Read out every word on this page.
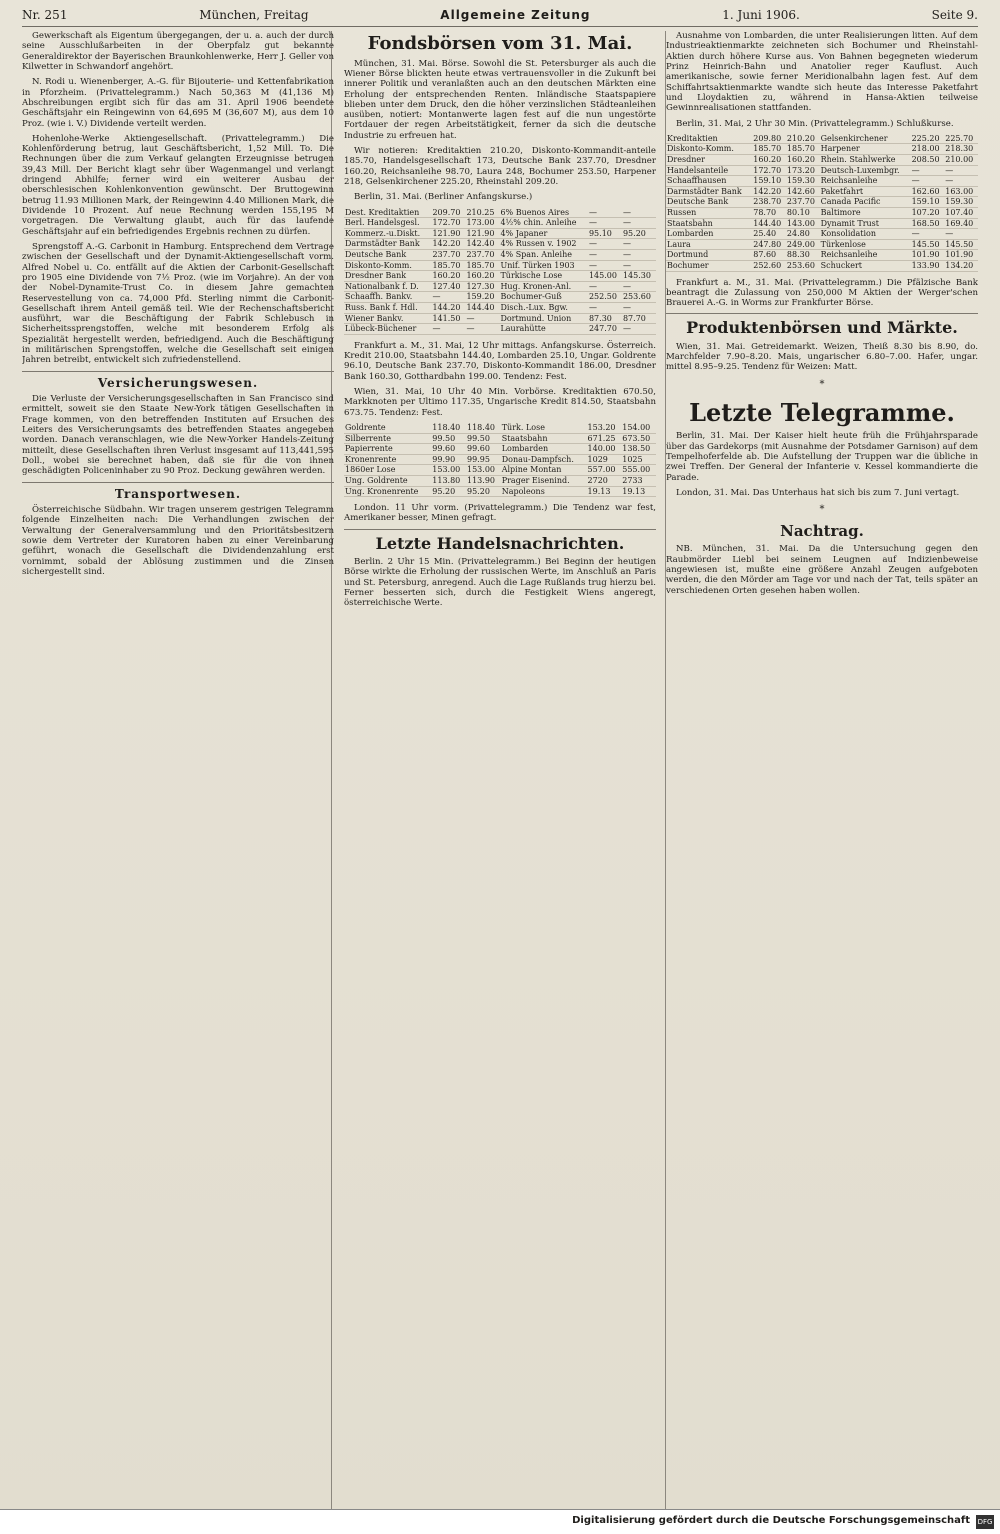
Nr. 251	München, Freitag	Allgemeine Zeitung	1. Juni 1906.	Seite 9.

Gewerkschaft als Eigentum übergegangen, der u. a. auch der durch seine Ausschlußarbeiten in der Oberpfalz gut bekannte Generaldirektor der Bayerischen Braunkohlenwerke, Herr J. Geller von Kilwetter in Schwandorf angehört.

N. Rodi u. Wienenberger, A.-G. für Bijouterie- und Kettenfabrikation in Pforzheim. (Privattelegramm.) Nach 50,363 M (41,136 M) Abschreibungen ergibt sich für das am 31. April 1906 beendete Geschäftsjahr ein Reingewinn von 64,695 M (36,607 M), aus dem 10 Proz. (wie i. V.) Dividende verteilt werden.

Hohenlohe-Werke Aktiengesellschaft. (Privattelegramm.) Die Kohlenförderung betrug, laut Geschäftsbericht, 1,52 Mill. To. Die Rechnungen über die zum Verkauf gelangten Erzeugnisse betrugen 39,43 Mill. Der Bericht klagt sehr über Wagenmangel und verlangt dringend Abhilfe; ferner wird ein weiterer Ausbau der oberschlesischen Kohlenkonvention gewünscht. Der Bruttogewinn betrug 11.93 Millionen Mark, der Reingewinn 4.40 Millionen Mark, die Dividende 10 Prozent. Auf neue Rechnung werden 155,195 M vorgetragen. Die Verwaltung glaubt, auch für das laufende Geschäftsjahr auf ein befriedigendes Ergebnis rechnen zu dürfen.

Sprengstoff A.-G. Carbonit in Hamburg. Entsprechend dem Vertrage zwischen der Gesellschaft und der Dynamit-Aktiengesellschaft vorm. Alfred Nobel u. Co. entfällt auf die Aktien der Carbonit-Gesellschaft pro 1905 eine Dividende von 7½ Proz. (wie im Vorjahre). An der von der Nobel-Dynamite-Trust Co. in diesem Jahre gemachten Reservestellung von ca. 74,000 Pfd. Sterling nimmt die Carbonit-Gesellschaft ihrem Anteil gemäß teil. Wie der Rechenschaftsbericht ausführt, war die Beschäftigung der Fabrik Schlebusch in Sicherheitssprengstoffen, welche mit besonderem Erfolg als Spezialität hergestellt werden, befriedigend. Auch die Beschäftigung in militärischen Sprengstoffen, welche die Gesellschaft seit einigen Jahren betreibt, entwickelt sich zufriedenstellend.

Versicherungswesen.

Die Verluste der Versicherungsgesellschaften in San Francisco sind ermittelt, soweit sie den Staate New-York tätigen Gesellschaften in Frage kommen, von den betreffenden Instituten auf Ersuchen des Leiters des Versicherungsamts des betreffenden Staates angegeben worden. Danach veranschlagen, wie die New-Yorker Handels-Zeitung mitteilt, diese Gesellschaften ihren Verlust insgesamt auf 113,441,595 Doll., wobei sie berechnet haben, daß sie für die von ihnen geschädigten Policeninhaber zu 90 Proz. Deckung gewähren werden.

Transportwesen.

Österreichische Südbahn. Wir tragen unserem gestrigen Telegramm folgende Einzelheiten nach: Die Verhandlungen zwischen der Verwaltung der Generalversammlung und den Prioritätsbesitzern sowie dem Vertreter der Kuratoren haben zu einer Vereinbarung geführt, wonach die Gesellschaft die Dividendenzahlung erst vornimmt, sobald der Ablösung zustimmen und die Zinsen sichergestellt sind.

Fondsbörsen vom 31. Mai.

München, 31. Mai. Börse. Sowohl die St. Petersburger als auch die Wiener Börse blickten heute etwas vertrauensvoller in die Zukunft bei innerer Politik und veranlaßten auch an den deutschen Märkten eine Erholung der entsprechenden Renten. Inländische Staatspapiere blieben unter dem Druck, den die höher verzinslichen Städteanleihen ausüben, notiert: Montanwerte lagen fest auf die nun ungestörte Fortdauer der regen Arbeitstätigkeit, ferner da sich die deutsche Industrie zu erfreuen hat.

Wir notieren: Kreditaktien 210.20, Diskonto-Kommandit-anteile 185.70, Handelsgesellschaft 173, Deutsche Bank 237.70, Dresdner 160.20, Reichsanleihe 98.70, Laura 248, Bochumer 253.50, Harpener 218, Gelsenkirchener 225.20, Rheinstahl 209.20.

Berlin, 31. Mai. (Berliner Anfangskurse.)

Dest. Kreditaktien	209.70	210.25	6% Buenos Aires	—	—
Berl. Handelsgesl.	172.70	173.00	4½% chin. Anleihe	—	—
Kommerz.-u.Diskt.	121.90	121.90	4% Japaner	95.10	95.20
Darmstädter Bank	142.20	142.40	4% Russen v. 1902	—	—
Deutsche Bank	237.70	237.70	4% Span. Anleihe	—	—
Diskonto-Komm.	185.70	185.70	Unif. Türken 1903	—	—
Dresdner Bank	160.20	160.20	Türkische Lose	145.00	145.30
Nationalbank f. D.	127.40	127.30	Hug. Kronen-Anl.	—	—
Schaaffh. Bankv.	—	159.20	Bochumer-Guß	252.50	253.60
Russ. Bank f. Hdl.	144.20	144.40	Disch.-Lux. Bgw.	—	—
Wiener Bankv.	141.50	—	Dortmund. Union	87.30	87.70
Lübeck-Büchener	—	—	Laurahütte	247.70	—

Frankfurt a. M., 31. Mai, 12 Uhr mittags. Anfangskurse. Österreich. Kredit 210.00, Staatsbahn 144.40, Lombarden 25.10, Ungar. Goldrente 96.10, Deutsche Bank 237.70, Diskonto-Kommandit 186.00, Dresdner Bank 160.30, Gotthardbahn 199.00. Tendenz: Fest.

Wien, 31. Mai, 10 Uhr 40 Min. Vorbörse. Kreditaktien 670.50, Markknoten per Ultimo 117.35, Ungarische Kredit 814.50, Staatsbahn 673.75. Tendenz: Fest.

Goldrente	118.40	118.40	Türk. Lose	153.20	154.00
Silberrente	99.50	99.50	Staatsbahn	671.25	673.50
Papierrente	99.60	99.60	Lombarden	140.00	138.50
Kronenrente	99.90	99.95	Donau-Dampfsch.	1029	1025
1860er Lose	153.00	153.00	Alpine Montan	557.00	555.00
Ung. Goldrente	113.80	113.90	Prager Eisenind.	2720	2733
Ung. Kronenrente	95.20	95.20	Napoleons	19.13	19.13

London. 11 Uhr vorm. (Privattelegramm.) Die Tendenz war fest, Amerikaner besser, Minen gefragt.

Letzte Handelsnachrichten.

Berlin. 2 Uhr 15 Min. (Privattelegramm.) Bei Beginn der heutigen Börse wirkte die Erholung der russischen Werte, im Anschluß an Paris und St. Petersburg, anregend. Auch die Lage Rußlands trug hierzu bei. Ferner besserten sich, durch die Festigkeit Wiens angeregt, österreichische Werte.

Ausnahme von Lombarden, die unter Realisierungen litten. Auf dem Industrieaktienmarkte zeichneten sich Bochumer und Rheinstahl-Aktien durch höhere Kurse aus. Von Bahnen begegneten wiederum Prinz Heinrich-Bahn und Anatolier reger Kauflust. Auch amerikanische, sowie ferner Meridionalbahn lagen fest. Auf dem Schiffahrtsaktienmarkte wandte sich heute das Interesse Paketfahrt und Lloydaktien zu, während in Hansa-Aktien teilweise Gewinnrealisationen stattfanden.

Berlin, 31. Mai, 2 Uhr 30 Min. (Privattelegramm.) Schlußkurse.

Kreditaktien	209.80	210.20	Gelsenkirchener	225.20	225.70
Diskonto-Komm.	185.70	185.70	Harpener	218.00	218.30
Dresdner	160.20	160.20	Rhein. Stahlwerke	208.50	210.00
Handelsanteile	172.70	173.20	Deutsch-Luxembgr.	—	—
Schaaffhausen	159.10	159.30	Reichsanleihe	—	—
Darmstädter Bank	142.20	142.60	Paketfahrt	162.60	163.00
Deutsche Bank	238.70	237.70	Canada Pacific	159.10	159.30
Russen	78.70	80.10	Baltimore	107.20	107.40
Staatsbahn	144.40	143.00	Dynamit Trust	168.50	169.40
Lombarden	25.40	24.80	Konsolidation	—	—
Laura	247.80	249.00	Türkenlose	145.50	145.50
Dortmund	87.60	88.30	Reichsanleihe	101.90	101.90
Bochumer	252.60	253.60	Schuckert	133.90	134.20

Frankfurt a. M., 31. Mai. (Privattelegramm.) Die Pfälzische Bank beantragt die Zulassung von 250,000 M Aktien der Werger'schen Brauerei A.-G. in Worms zur Frankfurter Börse.

Produktenbörsen und Märkte.

Wien, 31. Mai. Getreidemarkt. Weizen, Theiß 8.30 bis 8.90, do. Marchfelder 7.90–8.20. Mais, ungarischer 6.80–7.00. Hafer, ungar. mittel 8.95–9.25. Tendenz für Weizen: Matt.

*
Letzte Telegramme.

Berlin, 31. Mai. Der Kaiser hielt heute früh die Frühjahrsparade über das Gardekorps (mit Ausnahme der Potsdamer Garnison) auf dem Tempelhoferfelde ab. Die Aufstellung der Truppen war die übliche in zwei Treffen. Der General der Infanterie v. Kessel kommandierte die Parade.

London, 31. Mai. Das Unterhaus hat sich bis zum 7. Juni vertagt.

*
Nachtrag.

NB. München, 31. Mai. Da die Untersuchung gegen den Raubmörder Liebl bei seinem Leugnen auf Indizienbeweise angewiesen ist, mußte eine größere Anzahl Zeugen aufgeboten werden, die den Mörder am Tage vor und nach der Tat, teils später an verschiedenen Orten gesehen haben wollen.

Digitalisierung gefördert durch die Deutsche Forschungsgemeinschaft DFG
